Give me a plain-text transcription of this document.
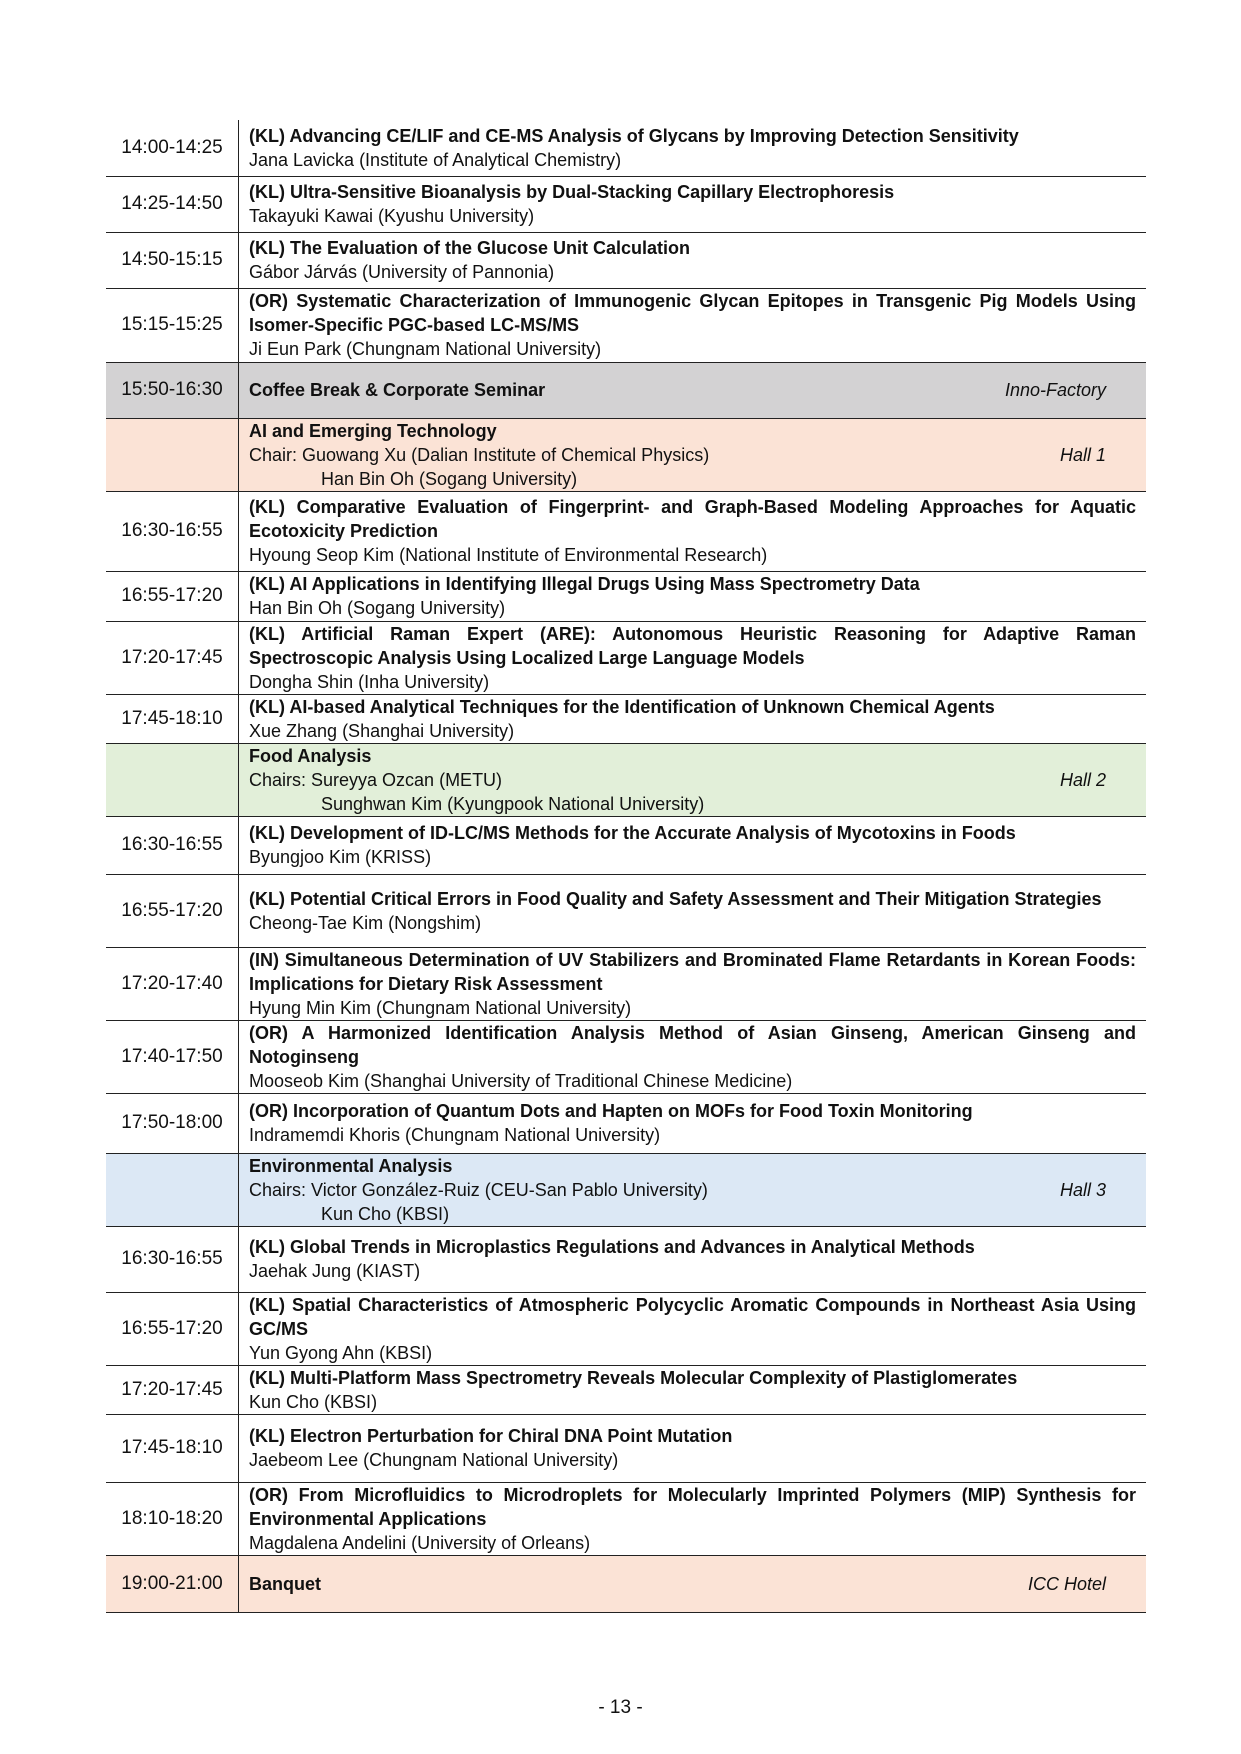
14:00-14:25	(KL) Advancing CE/LIF and CE-MS Analysis of Glycans by Improving Detection Sensitivity
Jana Lavicka (Institute of Analytical Chemistry)

14:25-14:50	(KL) Ultra-Sensitive Bioanalysis by Dual-Stacking Capillary Electrophoresis
Takayuki Kawai (Kyushu University)

14:50-15:15	(KL) The Evaluation of the Glucose Unit Calculation
Gábor Járvás (University of Pannonia)

15:15-15:25	(OR) Systematic Characterization of Immunogenic Glycan Epitopes in Transgenic Pig Models Using Isomer-Specific PGC-based LC-MS/MS
Ji Eun Park (Chungnam National University)

15:50-16:30	Coffee Break & Corporate Seminar Inno-Factory

	AI and Emerging Technology
Chair: Guowang Xu (Dalian Institute of Chemical Physics) Hall 1
Han Bin Oh (Sogang University)

16:30-16:55	(KL) Comparative Evaluation of Fingerprint- and Graph-Based Modeling Approaches for Aquatic Ecotoxicity Prediction
Hyoung Seop Kim (National Institute of Environmental Research)

16:55-17:20	(KL) AI Applications in Identifying Illegal Drugs Using Mass Spectrometry Data
Han Bin Oh (Sogang University)

17:20-17:45	(KL) Artificial Raman Expert (ARE): Autonomous Heuristic Reasoning for Adaptive Raman Spectroscopic Analysis Using Localized Large Language Models
Dongha Shin (Inha University)

17:45-18:10	(KL) AI-based Analytical Techniques for the Identification of Unknown Chemical Agents
Xue Zhang (Shanghai University)

	Food Analysis
Chairs: Sureyya Ozcan (METU) Hall 2
Sunghwan Kim (Kyungpook National University)

16:30-16:55	(KL) Development of ID-LC/MS Methods for the Accurate Analysis of Mycotoxins in Foods
Byungjoo Kim (KRISS)

16:55-17:20	(KL) Potential Critical Errors in Food Quality and Safety Assessment and Their Mitigation Strategies
Cheong-Tae Kim (Nongshim)

17:20-17:40	(IN) Simultaneous Determination of UV Stabilizers and Brominated Flame Retardants in Korean Foods: Implications for Dietary Risk Assessment
Hyung Min Kim (Chungnam National University)

17:40-17:50	(OR) A Harmonized Identification Analysis Method of Asian Ginseng, American Ginseng and Notoginseng
Mooseob Kim (Shanghai University of Traditional Chinese Medicine)

17:50-18:00	(OR) Incorporation of Quantum Dots and Hapten on MOFs for Food Toxin Monitoring
Indramemdi Khoris (Chungnam National University)

	Environmental Analysis
Chairs: Victor González-Ruiz (CEU-San Pablo University) Hall 3
Kun Cho (KBSI)

16:30-16:55	(KL) Global Trends in Microplastics Regulations and Advances in Analytical Methods
Jaehak Jung (KIAST)

16:55-17:20	(KL) Spatial Characteristics of Atmospheric Polycyclic Aromatic Compounds in Northeast Asia Using GC/MS
Yun Gyong Ahn (KBSI)

17:20-17:45	(KL) Multi-Platform Mass Spectrometry Reveals Molecular Complexity of Plastiglomerates
Kun Cho (KBSI)

17:45-18:10	(KL) Electron Perturbation for Chiral DNA Point Mutation
Jaebeom Lee (Chungnam National University)

18:10-18:20	(OR) From Microfluidics to Microdroplets for Molecularly Imprinted Polymers (MIP) Synthesis for Environmental Applications
Magdalena Andelini (University of Orleans)

19:00-21:00	Banquet ICC Hotel
- 13 -
